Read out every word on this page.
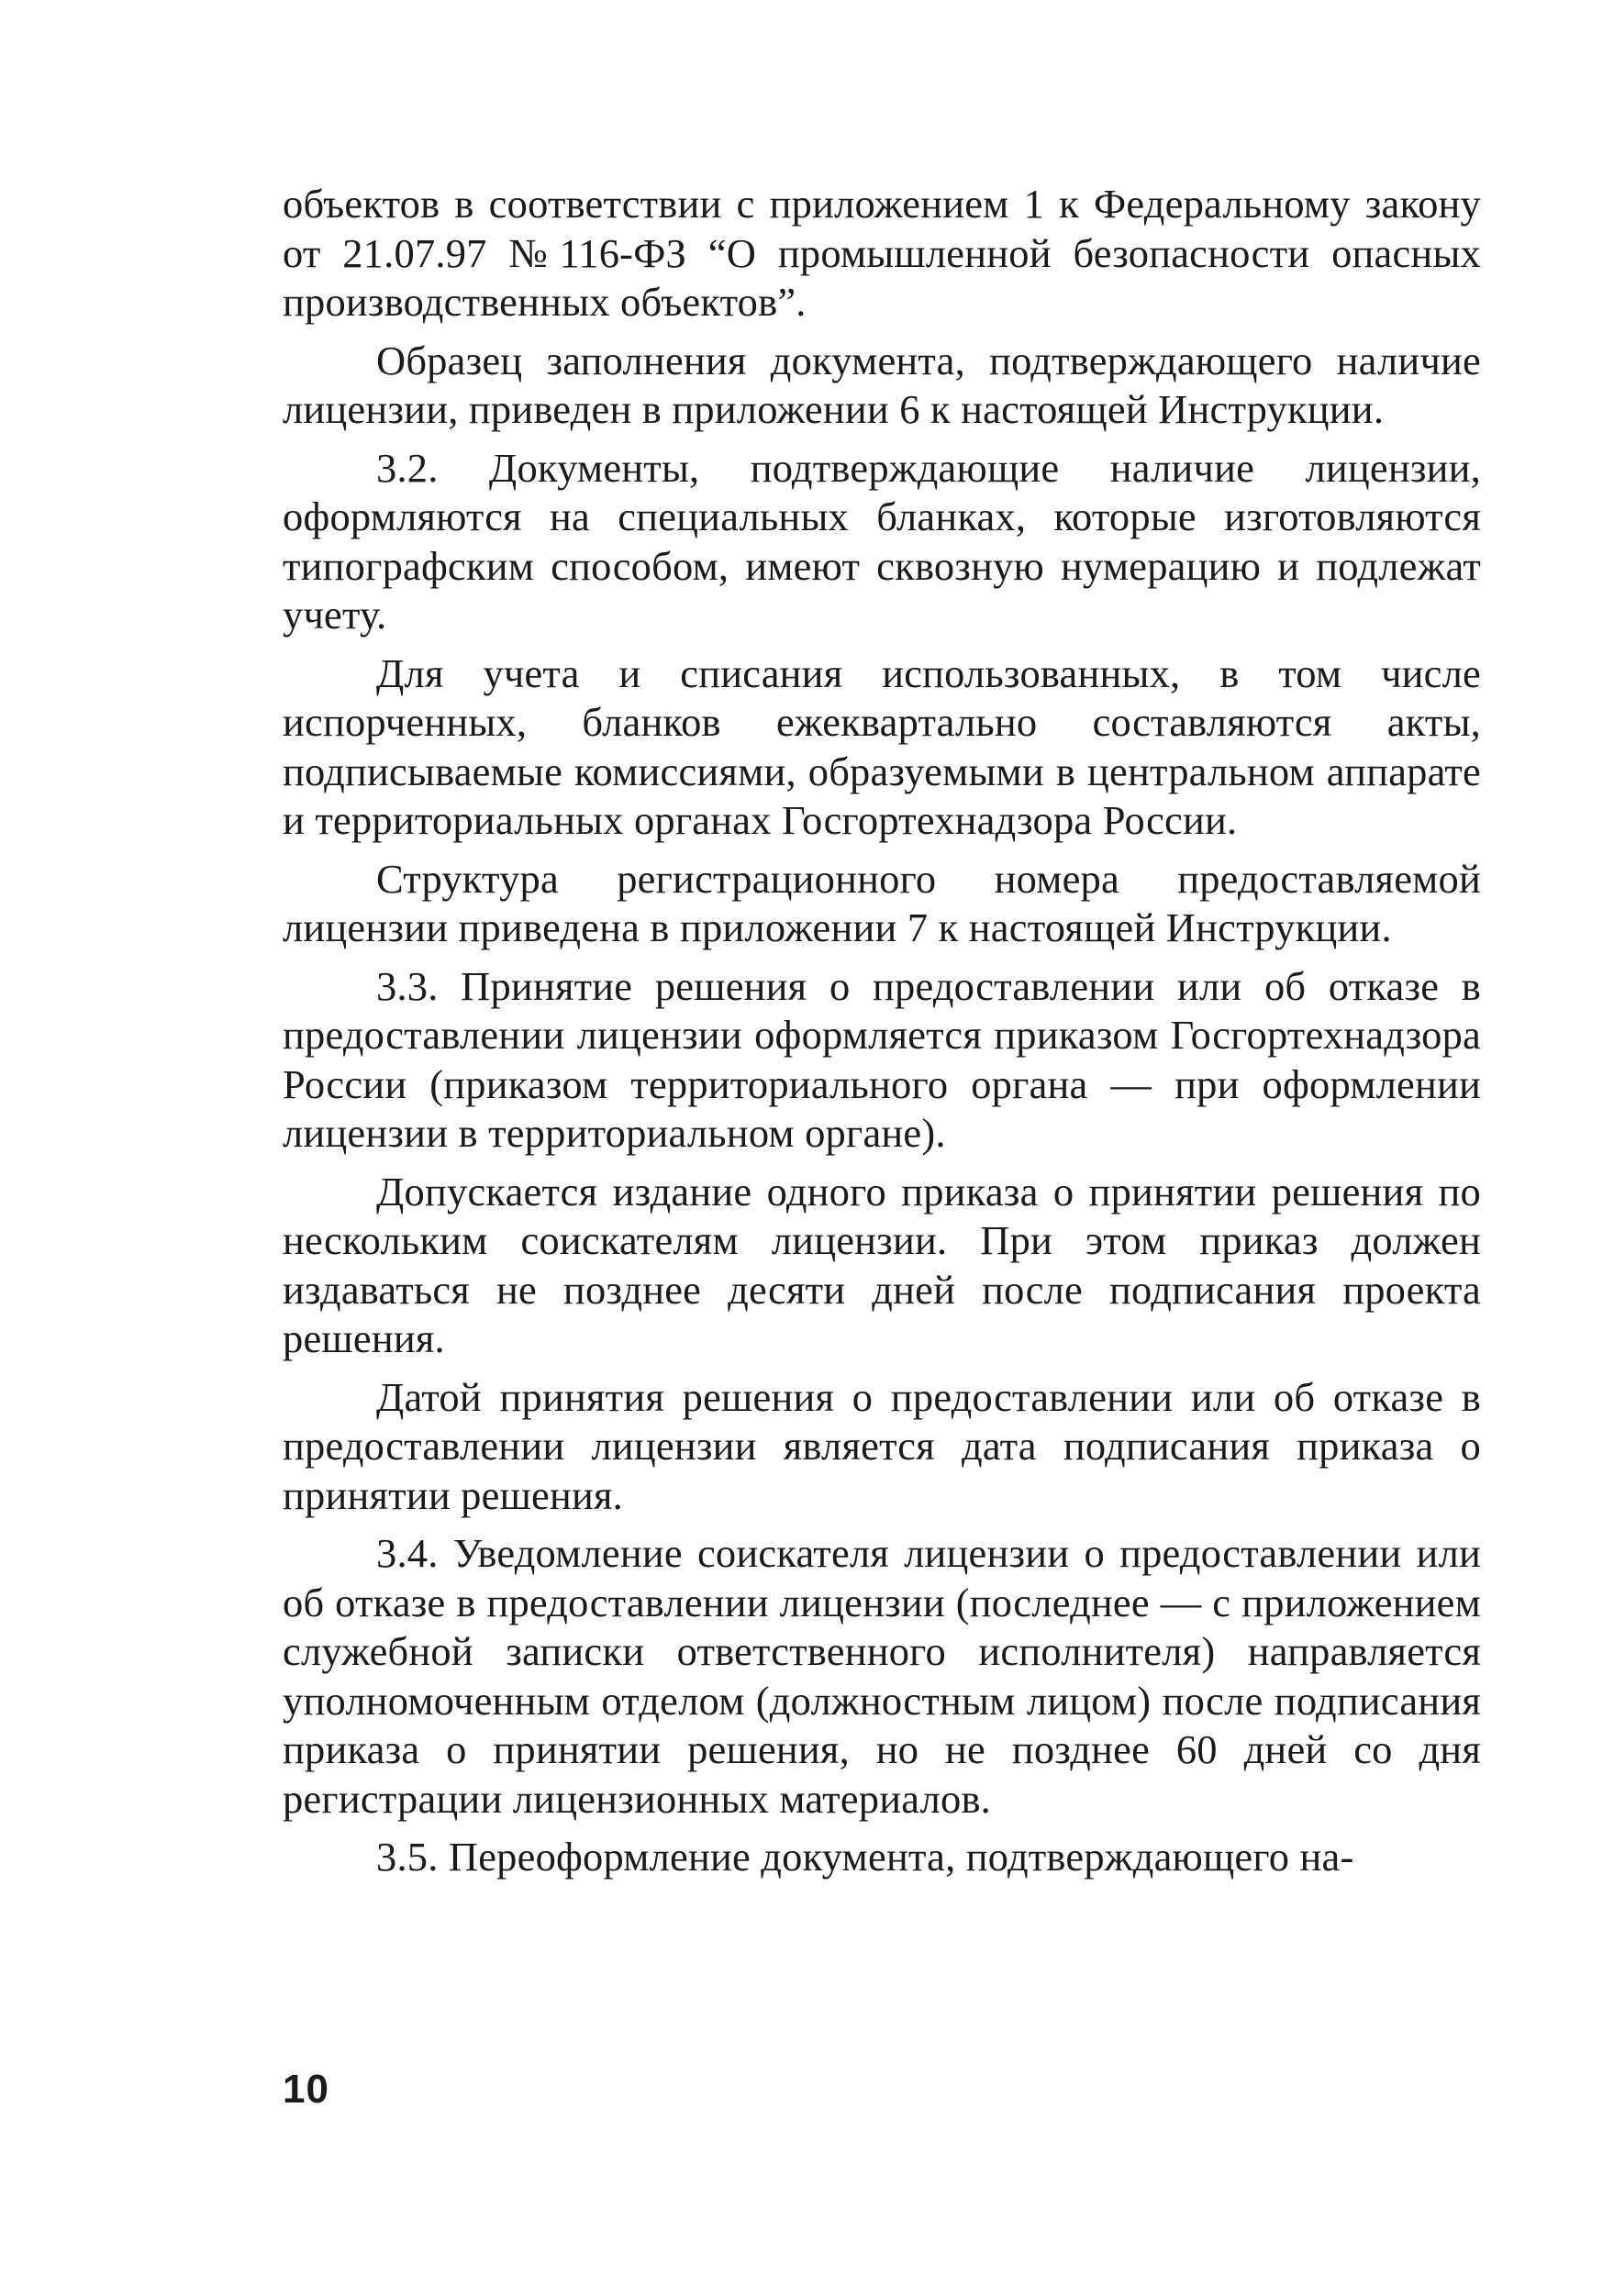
объектов в соответствии с приложением 1 к Федеральному закону от 21.07.97 №116-ФЗ “О промышленной безопасности опасных производственных объектов”.

Образец заполнения документа, подтверждающего наличие лицензии, приведен в приложении 6 к настоящей Инструкции.

3.2. Документы, подтверждающие наличие лицензии, оформляются на специальных бланках, которые изготовляются типографским способом, имеют сквозную нумерацию и подлежат учету.

Для учета и списания использованных, в том числе испорченных, бланков ежеквартально составляются акты, подписываемые комиссиями, образуемыми в центральном аппарате и территориальных органах Госгортехнадзора России.

Структура регистрационного номера предоставляемой лицензии приведена в приложении 7 к настоящей Инструкции.

3.3. Принятие решения о предоставлении или об отказе в предоставлении лицензии оформляется приказом Госгортехнадзора России (приказом территориального органа — при оформлении лицензии в территориальном органе).

Допускается издание одного приказа о принятии решения по нескольким соискателям лицензии. При этом приказ должен издаваться не позднее десяти дней после подписания проекта решения.

Датой принятия решения о предоставлении или об отказе в предоставлении лицензии является дата подписания приказа о принятии решения.

3.4. Уведомление соискателя лицензии о предоставлении или об отказе в предоставлении лицензии (последнее — с приложением служебной записки ответственного исполнителя) направляется уполномоченным отделом (должностным лицом) после подписания приказа о принятии решения, но не позднее 60 дней со дня регистрации лицензионных материалов.

3.5. Переоформление документа, подтверждающего на-

10
